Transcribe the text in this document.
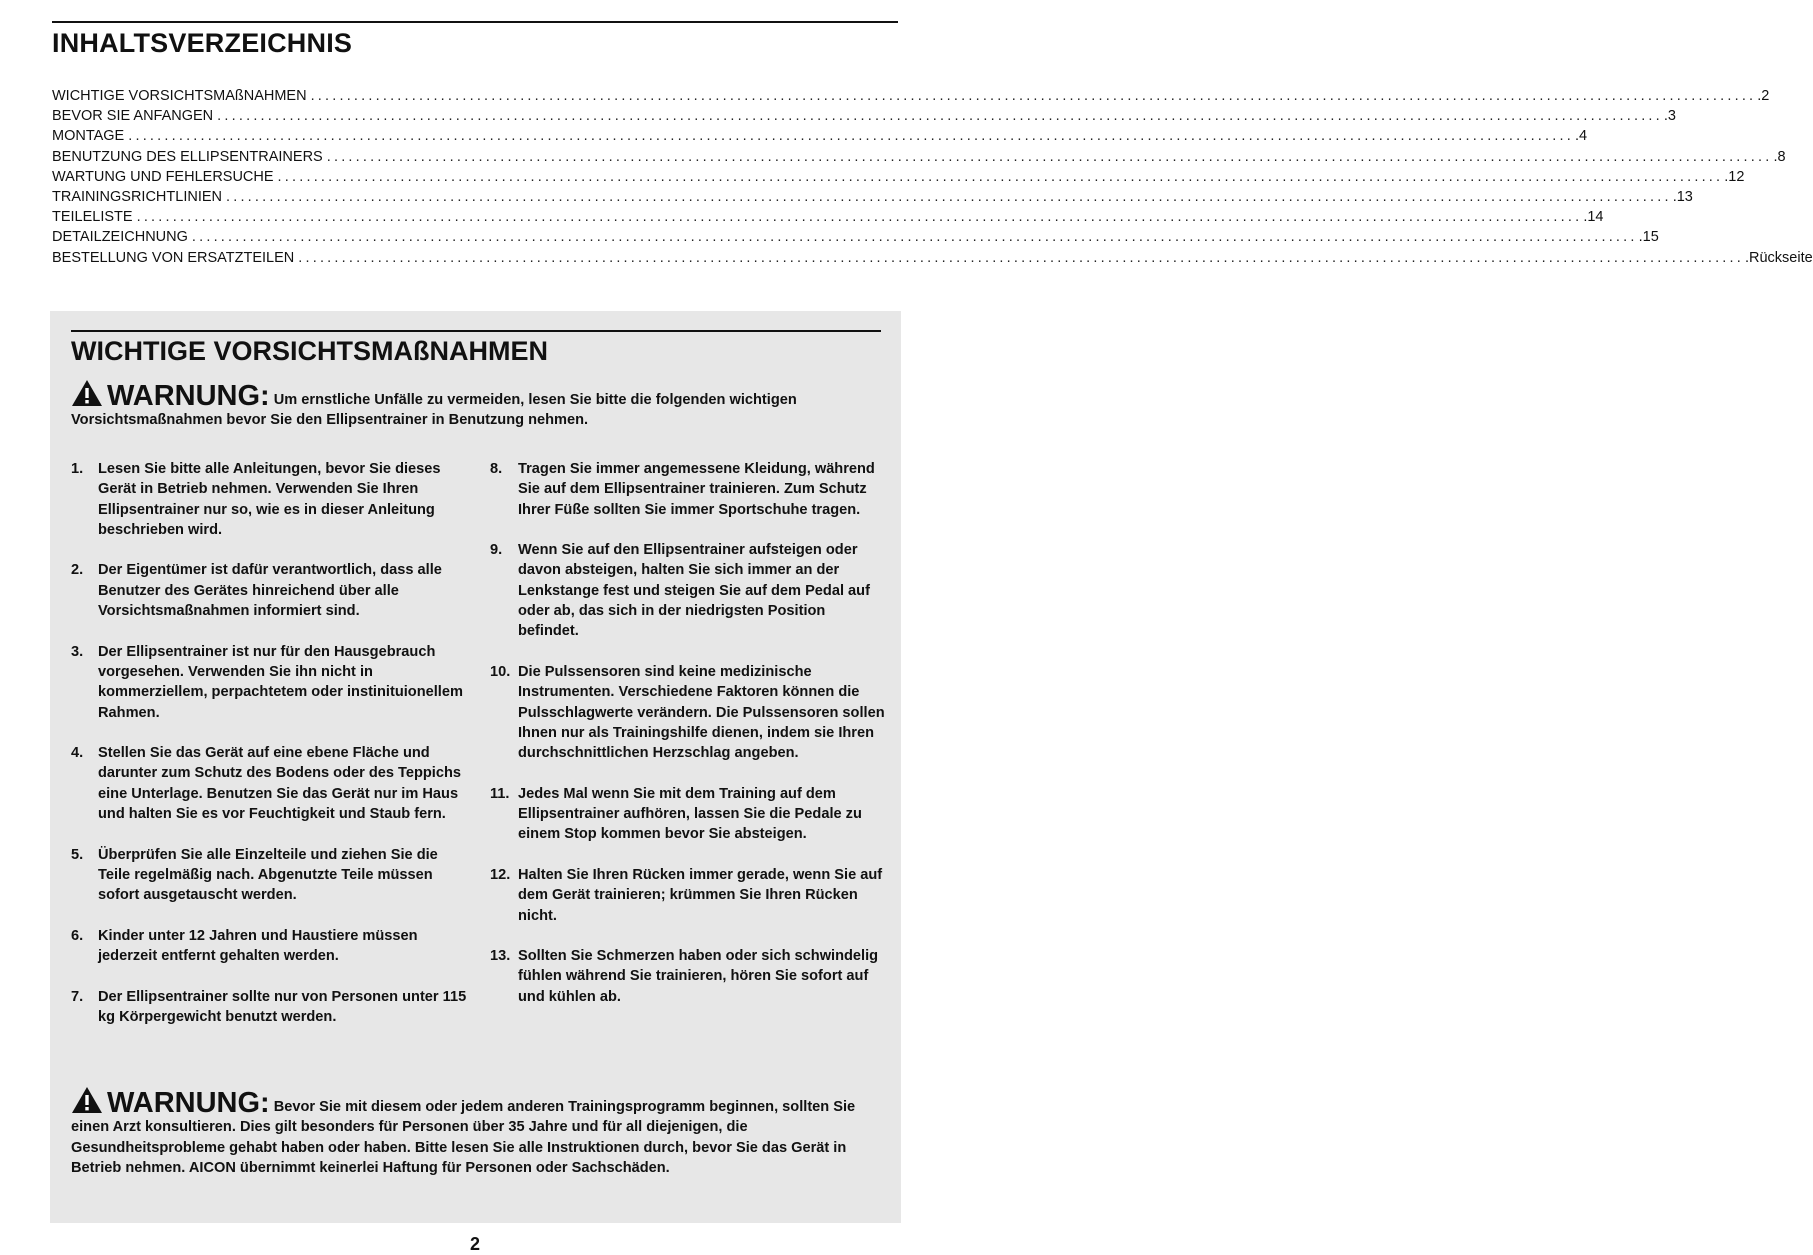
INHALTSVERZEICHNIS
WICHTIGE VORSICHTSMAßNAHMEN ........................................................................................................................................................................................................ .2
BEVOR SIE ANFANGEN ........................................................................................................................................................................................................ .3
MONTAGE ........................................................................................................................................................................................................ .4
BENUTZUNG DES ELLIPSENTRAINERS ........................................................................................................................................................................................................ .8
WARTUNG UND FEHLERSUCHE ........................................................................................................................................................................................................ .12
TRAININGSRICHTLINIEN ........................................................................................................................................................................................................ .13
TEILELISTE ........................................................................................................................................................................................................ .14
DETAILZEICHNUNG ........................................................................................................................................................................................................ .15
BESTELLUNG VON ERSATZTEILEN ........................................................................................................................................................................................................ .Rückseite
WICHTIGE VORSICHTSMAßNAHMEN

WARNUNG: Um ernstliche Unfälle zu vermeiden, lesen Sie bitte die folgenden wichtigen Vorsichtsmaßnahmen bevor Sie den Ellipsentrainer in Benutzung nehmen.

1.	Lesen Sie bitte alle Anleitungen, bevor Sie dieses Gerät in Betrieb nehmen. Verwenden Sie Ihren Ellipsentrainer nur so, wie es in dieser Anleitung beschrieben wird.
2.	Der Eigentümer ist dafür verantwortlich, dass alle Benutzer des Gerätes hinreichend über alle Vorsichtsmaßnahmen informiert sind.
3.	Der Ellipsentrainer ist nur für den Hausgebrauch vorgesehen. Verwenden Sie ihn nicht in kommerziellem, perpachtetem oder instinituionellem Rahmen.
4.	Stellen Sie das Gerät auf eine ebene Fläche und darunter zum Schutz des Bodens oder des Teppichs eine Unterlage. Benutzen Sie das Gerät nur im Haus und halten Sie es vor Feuchtigkeit und Staub fern.
5.	Überprüfen Sie alle Einzelteile und ziehen Sie die Teile regelmäßig nach. Abgenutzte Teile müssen sofort ausgetauscht werden.
6.	Kinder unter 12 Jahren und Haustiere müssen jederzeit entfernt gehalten werden.
7.	Der Ellipsentrainer sollte nur von Personen unter 115 kg Körpergewicht benutzt werden.
8.	Tragen Sie immer angemessene Kleidung, während Sie auf dem Ellipsentrainer trainieren. Zum Schutz Ihrer Füße sollten Sie immer Sportschuhe tragen.
9.	Wenn Sie auf den Ellipsentrainer aufsteigen oder davon absteigen, halten Sie sich immer an der Lenkstange fest und steigen Sie auf dem Pedal auf oder ab, das sich in der niedrigsten Position befindet.
10. Die Pulssensoren sind keine medizinische Instrumenten. Verschiedene Faktoren können die Pulsschlagwerte verändern. Die Pulssensoren sollen Ihnen nur als Trainingshilfe dienen, indem sie Ihren durchschnittlichen Herzschlag angeben.
11. Jedes Mal wenn Sie mit dem Training auf dem Ellipsentrainer aufhören, lassen Sie die Pedale zu einem Stop kommen bevor Sie absteigen.
12. Halten Sie Ihren Rücken immer gerade, wenn Sie auf dem Gerät trainieren; krümmen Sie Ihren Rücken nicht.
13. Sollten Sie Schmerzen haben oder sich schwindelig fühlen während Sie trainieren, hören Sie sofort auf und kühlen ab.

WARNUNG: Bevor Sie mit diesem oder jedem anderen Trainingsprogramm beginnen, sollten Sie einen Arzt konsultieren. Dies gilt besonders für Personen über 35 Jahre und für all diejenigen, die Gesundheitsprobleme gehabt haben oder haben. Bitte lesen Sie alle Instruktionen durch, bevor Sie das Gerät in Betrieb nehmen. AICON übernimmt keinerlei Haftung für Personen oder Sachschäden.

2
